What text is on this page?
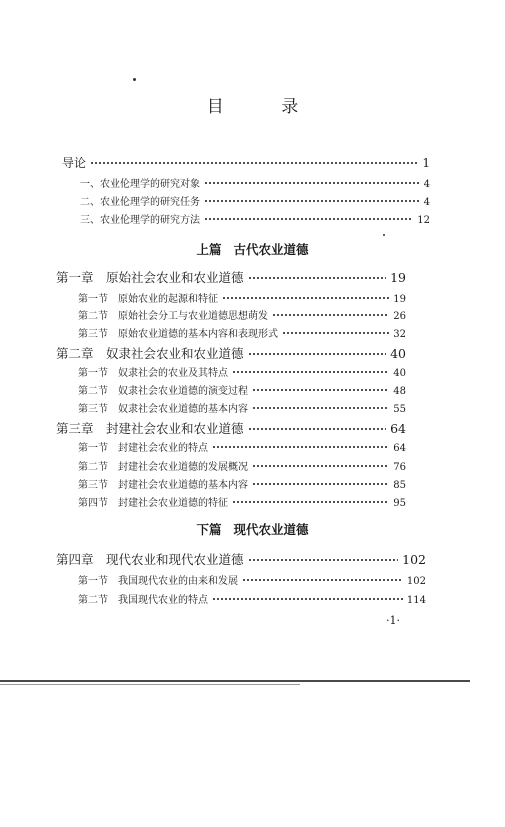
目 录
导论	1
一、农业伦理学的研究对象	4
二、农业伦理学的研究任务	4
三、农业伦理学的研究方法	12
上篇 古代农业道德
第一章　原始社会农业和农业道德	19
第一节　原始农业的起源和特征	19
第二节　原始社会分工与农业道德思想萌发	26
第三节　原始农业道德的基本内容和表现形式	32
第二章　奴隶社会农业和农业道德	40
第一节　奴隶社会的农业及其特点	40
第二节　奴隶社会农业道德的演变过程	48
第三节　奴隶社会农业道德的基本内容	55
第三章　封建社会农业和农业道德	64
第一节　封建社会农业的特点	64
第二节　封建社会农业道德的发展概况	76
第三节　封建社会农业道德的基本内容	85
第四节　封建社会农业道德的特征	95
下篇 现代农业道德
第四章　现代农业和现代农业道德	102
第一节　我国现代农业的由来和发展	102
第二节　我国现代农业的特点	114
·1·
